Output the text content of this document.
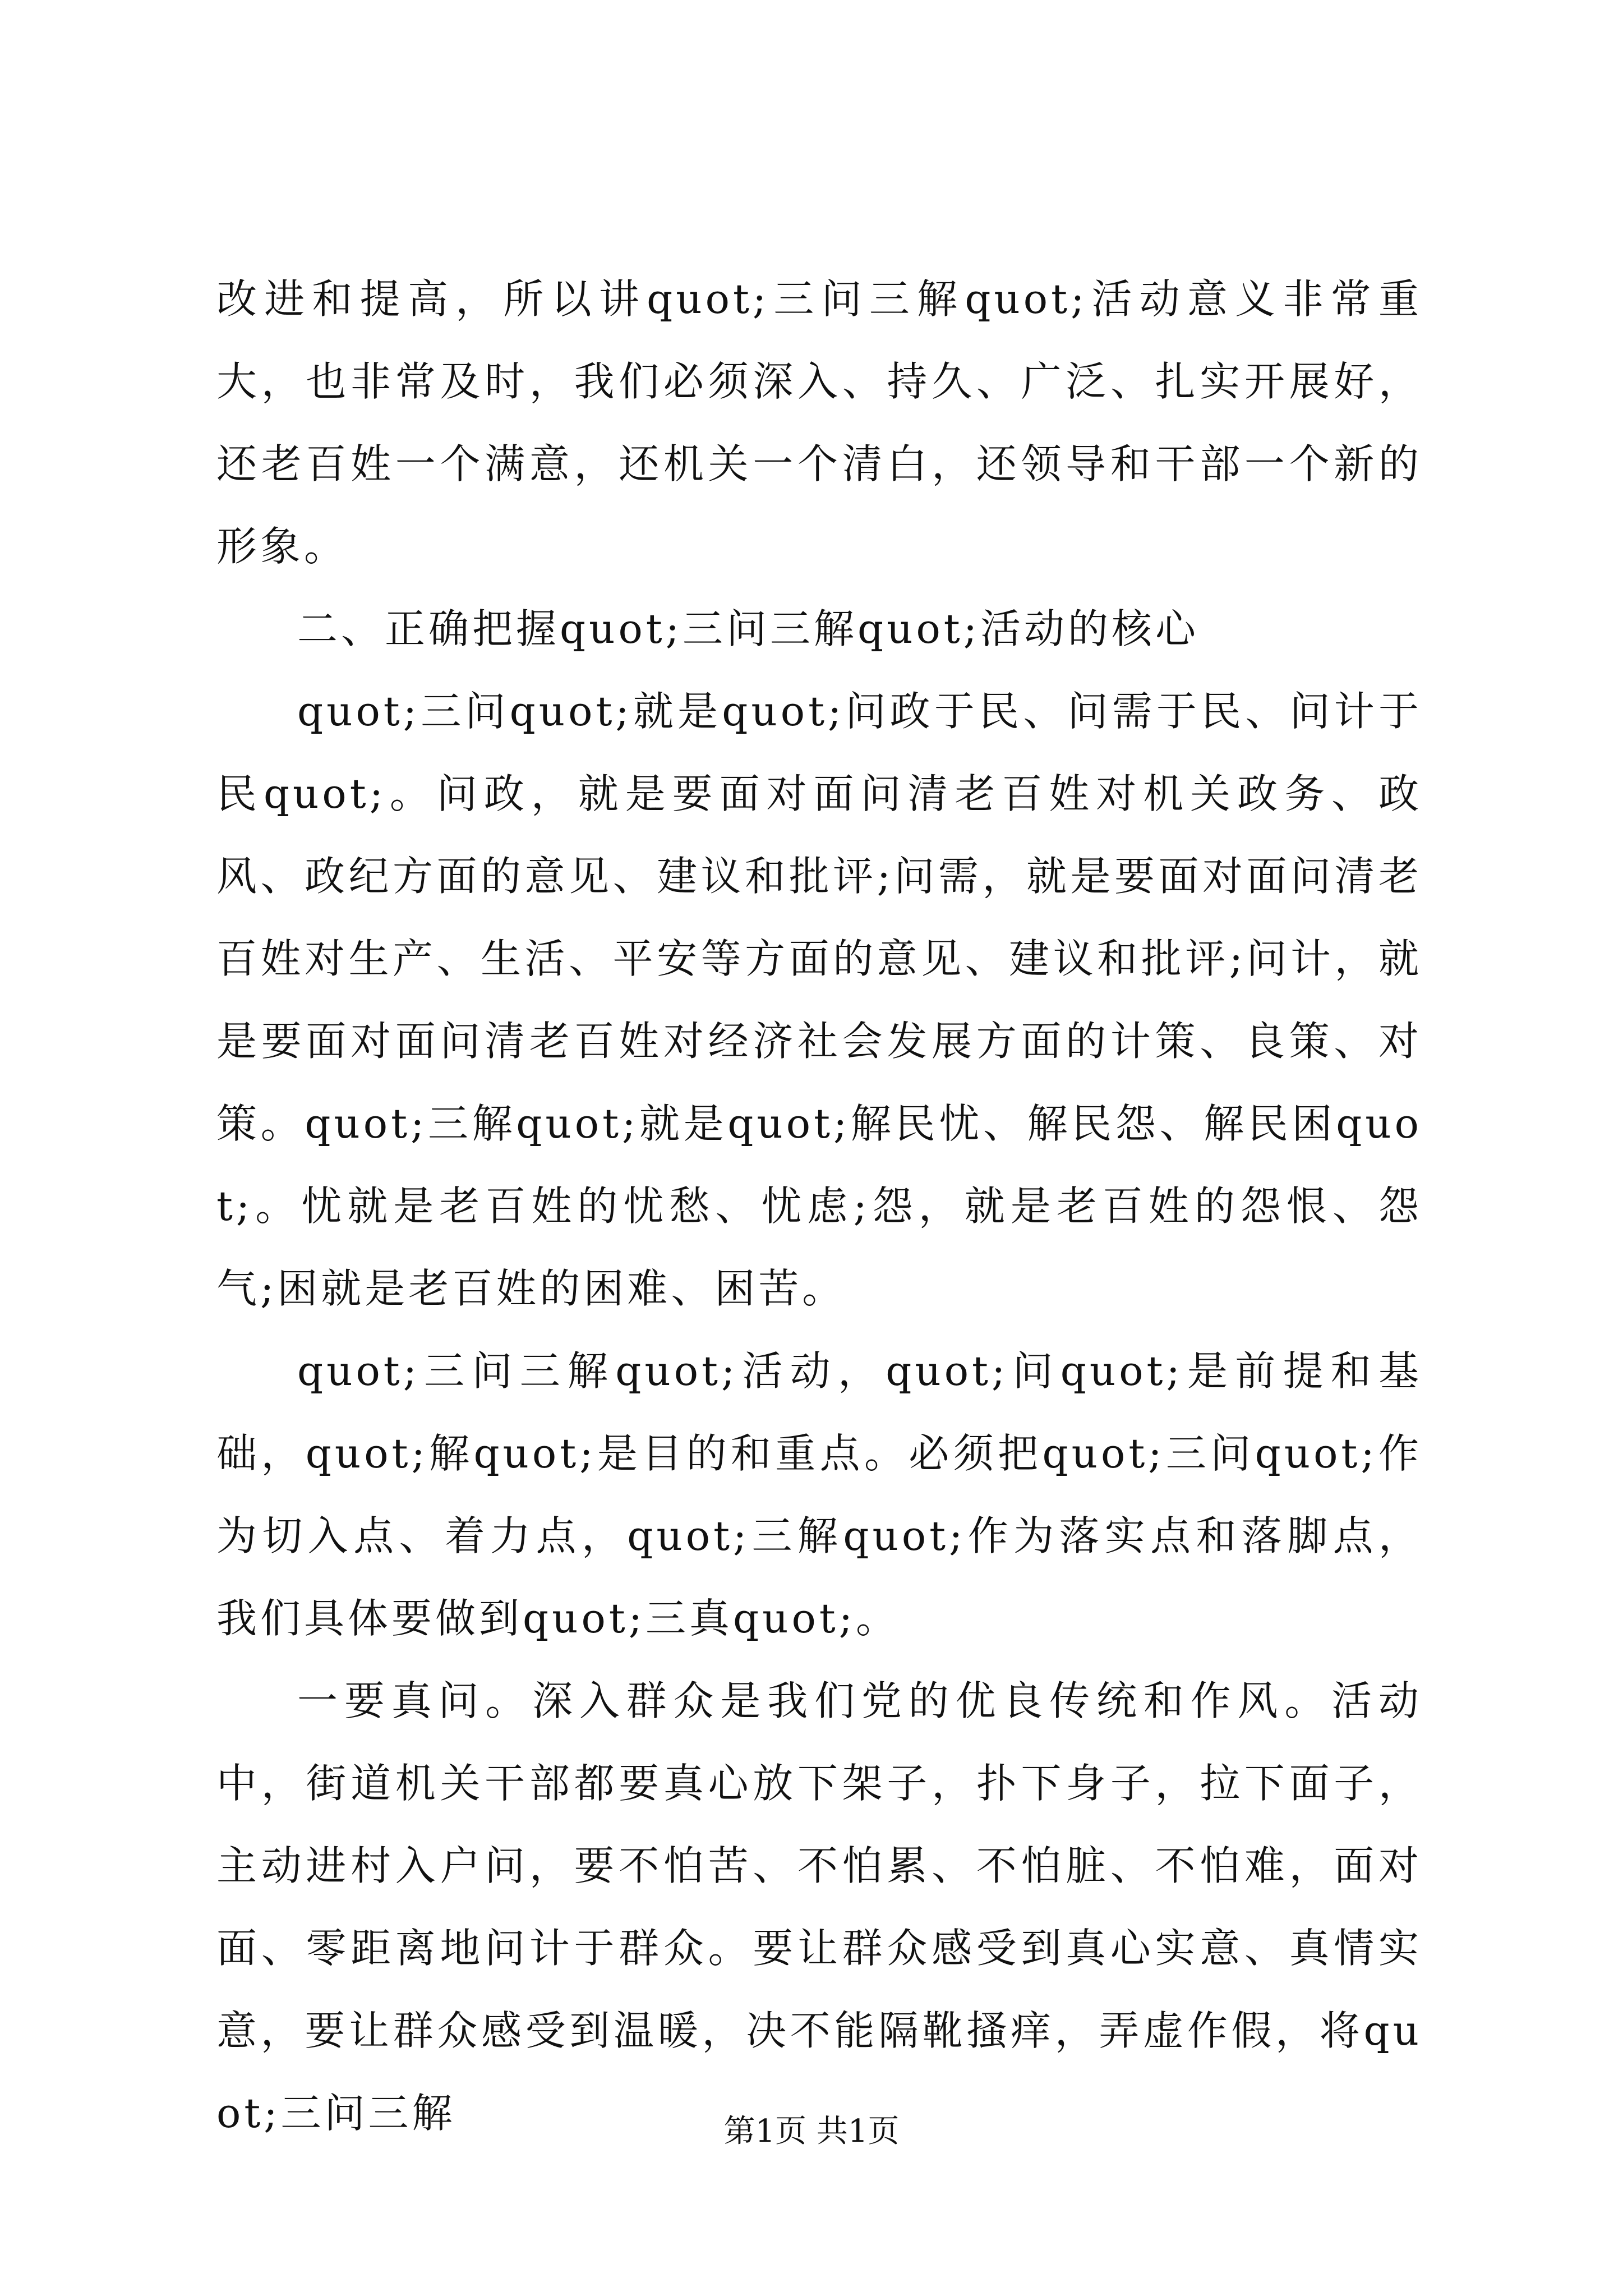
改进和提高，所以讲quot;三问三解quot;活动意义非常重大，也非常及时，我们必须深入、持久、广泛、扎实开展好，还老百姓一个满意，还机关一个清白，还领导和干部一个新的形象。

二、正确把握quot;三问三解quot;活动的核心

quot;三问quot;就是quot;问政于民、问需于民、问计于民quot;。问政，就是要面对面问清老百姓对机关政务、政风、政纪方面的意见、建议和批评;问需，就是要面对面问清老百姓对生产、生活、平安等方面的意见、建议和批评;问计，就是要面对面问清老百姓对经济社会发展方面的计策、良策、对策。quot;三解quot;就是quot;解民忧、解民怨、解民困quot;。忧就是老百姓的忧愁、忧虑;怨，就是老百姓的怨恨、怨气;困就是老百姓的困难、困苦。

quot;三问三解quot;活动，quot;问quot;是前提和基础，quot;解quot;是目的和重点。必须把quot;三问quot;作为切入点、着力点，quot;三解quot;作为落实点和落脚点，我们具体要做到quot;三真quot;。

一要真问。深入群众是我们党的优良传统和作风。活动中，街道机关干部都要真心放下架子，扑下身子，拉下面子，主动进村入户问，要不怕苦、不怕累、不怕脏、不怕难，面对面、零距离地问计于群众。要让群众感受到真心实意、真情实意，要让群众感受到温暖，决不能隔靴搔痒，弄虚作假，将quot;三问三解	第1页 共1页
